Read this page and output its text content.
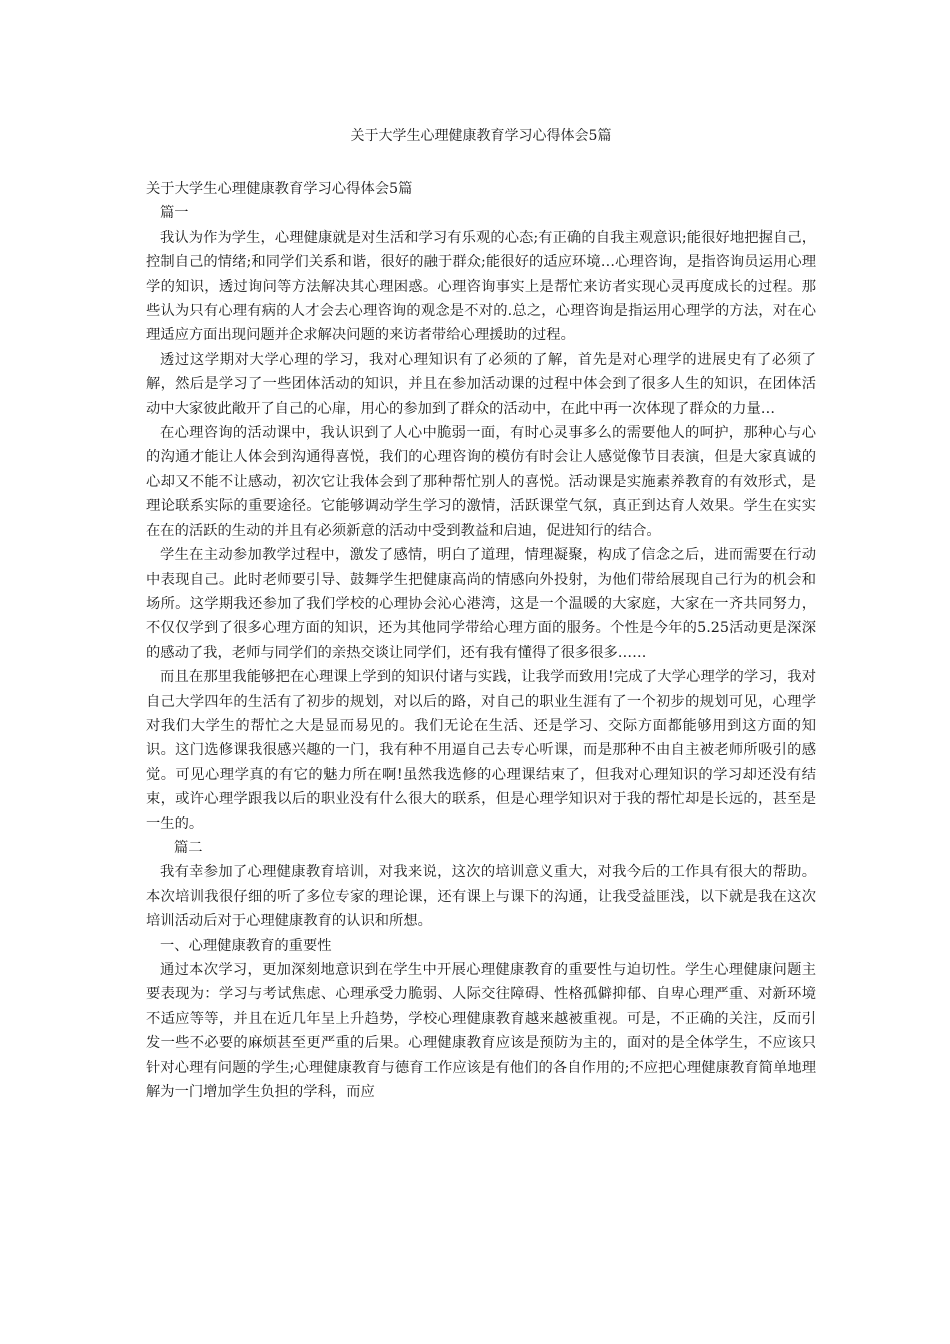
关于大学生心理健康教育学习心得体会5篇

关于大学生心理健康教育学习心得体会5篇

篇一

我认为作为学生，心理健康就是对生活和学习有乐观的心态;有正确的自我主观意识;能很好地把握自己，控制自己的情绪;和同学们关系和谐，很好的融于群众;能很好的适应环境…心理咨询，是指咨询员运用心理学的知识，透过询问等方法解决其心理困惑。心理咨询事实上是帮忙来访者实现心灵再度成长的过程。那些认为只有心理有病的人才会去心理咨询的观念是不对的.总之，心理咨询是指运用心理学的方法，对在心理适应方面出现问题并企求解决问题的来访者带给心理援助的过程。

透过这学期对大学心理的学习，我对心理知识有了必须的了解，首先是对心理学的进展史有了必须了解，然后是学习了一些团体活动的知识，并且在参加活动课的过程中体会到了很多人生的知识，在团体活动中大家彼此敞开了自己的心扉，用心的参加到了群众的活动中，在此中再一次体现了群众的力量…

在心理咨询的活动课中，我认识到了人心中脆弱一面，有时心灵事多么的需要他人的呵护，那种心与心的沟通才能让人体会到沟通得喜悦，我们的心理咨询的模仿有时会让人感觉像节目表演，但是大家真诚的心却又不能不让感动，初次它让我体会到了那种帮忙别人的喜悦。活动课是实施素养教育的有效形式，是理论联系实际的重要途径。它能够调动学生学习的激情，活跃课堂气氛，真正到达育人效果。学生在实实在在的活跃的生动的并且有必须新意的活动中受到教益和启迪，促进知行的结合。

学生在主动参加教学过程中，激发了感情，明白了道理，情理凝聚，构成了信念之后，进而需要在行动中表现自己。此时老师要引导、鼓舞学生把健康高尚的情感向外投射，为他们带给展现自己行为的机会和场所。这学期我还参加了我们学校的心理协会沁心港湾，这是一个温暖的大家庭，大家在一齐共同努力，不仅仅学到了很多心理方面的知识，还为其他同学带给心理方面的服务。个性是今年的5.25活动更是深深的感动了我，老师与同学们的亲热交谈让同学们，还有我有懂得了很多很多……

而且在那里我能够把在心理课上学到的知识付诸与实践，让我学而致用!完成了大学心理学的学习，我对自己大学四年的生活有了初步的规划，对以后的路，对自己的职业生涯有了一个初步的规划可见，心理学对我们大学生的帮忙之大是显而易见的。我们无论在生活、还是学习、交际方面都能够用到这方面的知识。这门选修课我很感兴趣的一门，我有种不用逼自己去专心听课，而是那种不由自主被老师所吸引的感觉。可见心理学真的有它的魅力所在啊!虽然我选修的心理课结束了，但我对心理知识的学习却还没有结束，或许心理学跟我以后的职业没有什么很大的联系，但是心理学知识对于我的帮忙却是长远的，甚至是一生的。

篇二

我有幸参加了心理健康教育培训，对我来说，这次的培训意义重大，对我今后的工作具有很大的帮助。本次培训我很仔细的听了多位专家的理论课，还有课上与课下的沟通，让我受益匪浅，以下就是我在这次培训活动后对于心理健康教育的认识和所想。

一、心理健康教育的重要性

通过本次学习，更加深刻地意识到在学生中开展心理健康教育的重要性与迫切性。学生心理健康问题主要表现为：学习与考试焦虑、心理承受力脆弱、人际交往障碍、性格孤僻抑郁、自卑心理严重、对新环境不适应等等，并且在近几年呈上升趋势，学校心理健康教育越来越被重视。可是，不正确的关注，反而引发一些不必要的麻烦甚至更严重的后果。心理健康教育应该是预防为主的，面对的是全体学生，不应该只针对心理有问题的学生;心理健康教育与德育工作应该是有他们的各自作用的;不应把心理健康教育简单地理解为一门增加学生负担的学科，而应
